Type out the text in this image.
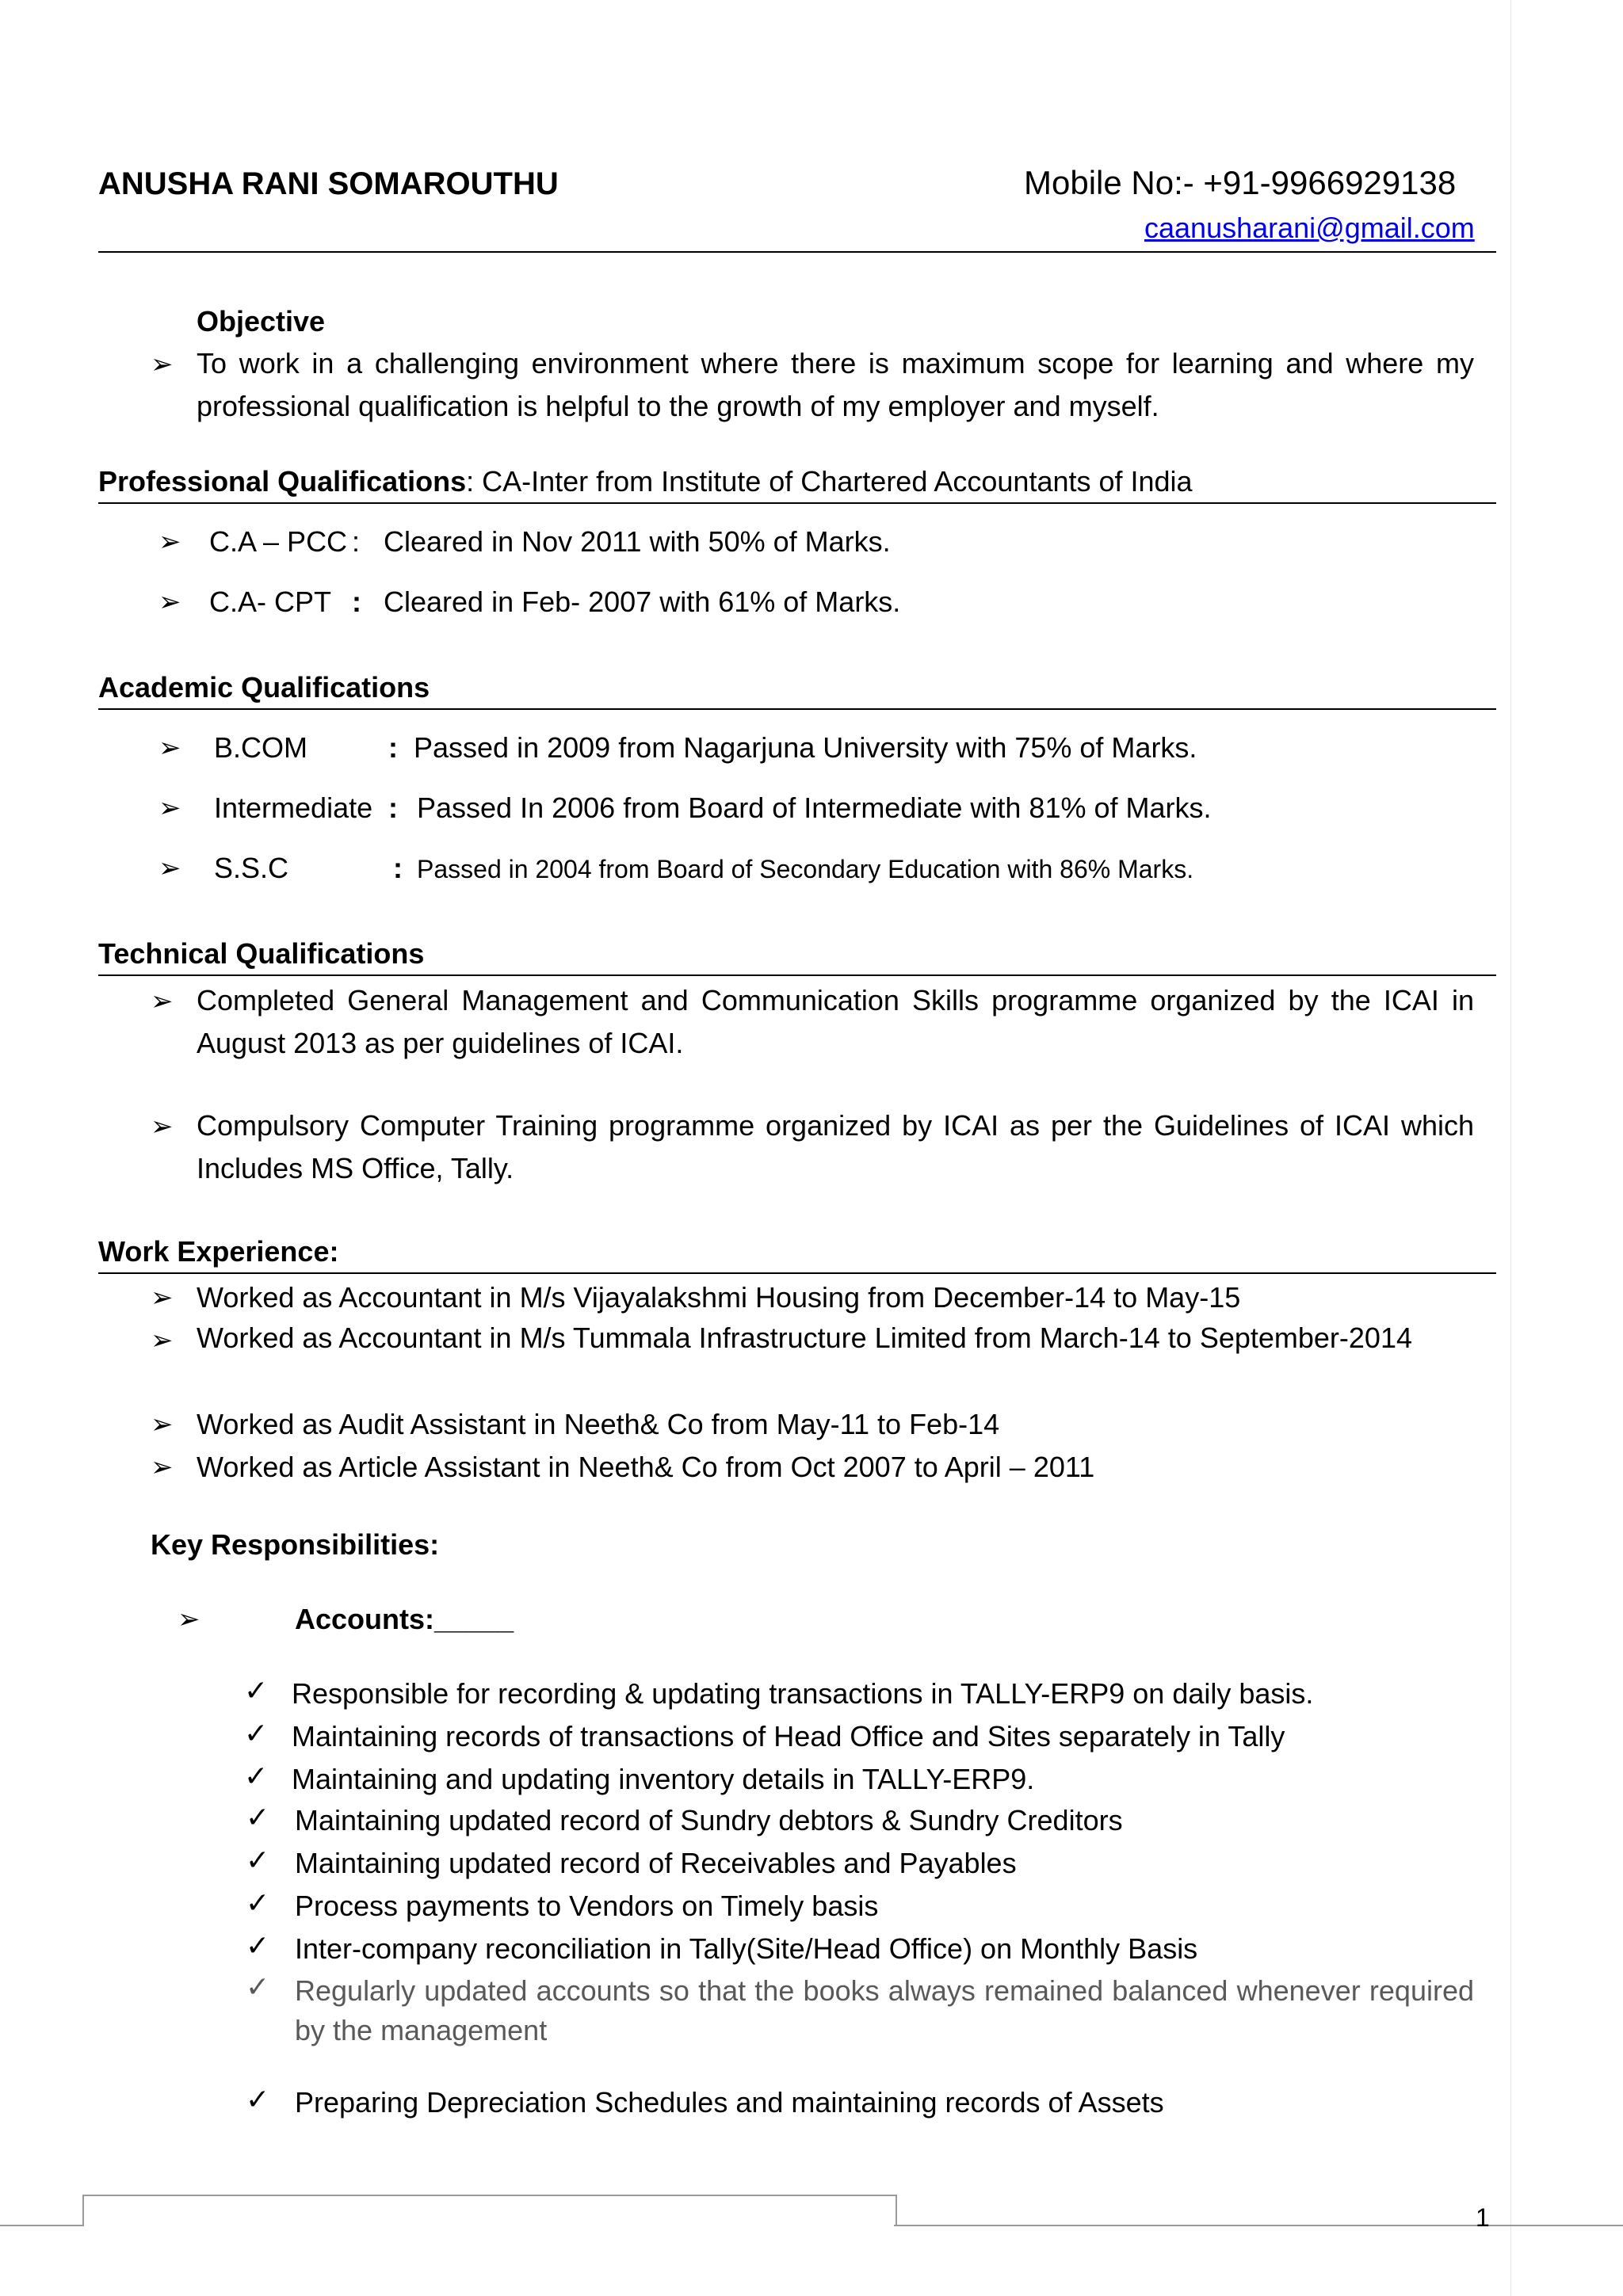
ANUSHA RANI SOMAROUTHU	Mobile No:- +91-9966929138
caanusharani@gmail.com
Objective
➢ To work in a challenging environment where there is maximum scope for learning and where my professional qualification is helpful to the growth of my employer and myself.
Professional Qualifications: CA-Inter from Institute of Chartered Accountants of India
➢ C.A – PCC : Cleared in Nov 2011 with 50% of Marks.
➢ C.A- CPT : Cleared in Feb- 2007 with 61% of Marks.
Academic Qualifications
➢ B.COM	: Passed in 2009 from Nagarjuna University with 75% of Marks.
➢ Intermediate : Passed In 2006 from Board of Intermediate with 81% of Marks.
➢ S.S.C	: Passed in 2004 from Board of Secondary Education with 86% Marks.
Technical Qualifications
➢ Completed General Management and Communication Skills programme organized by the ICAI in August 2013 as per guidelines of ICAI.
➢ Compulsory Computer Training programme organized by ICAI as per the Guidelines of ICAI which Includes MS Office, Tally.
Work Experience:
➢ Worked as Accountant in M/s Vijayalakshmi Housing from December-14 to May-15
➢ Worked as Accountant in M/s Tummala Infrastructure Limited from March-14 to September-2014
➢ Worked as Audit Assistant in Neeth& Co from May-11 to Feb-14
➢ Worked as Article Assistant in Neeth& Co from Oct 2007 to April – 2011
Key Responsibilities:
➢	Accounts:_____
✓ Responsible for recording & updating transactions in TALLY-ERP9 on daily basis.
✓ Maintaining records of transactions of Head Office and Sites separately in Tally
✓ Maintaining and updating inventory details in TALLY-ERP9.
✓ Maintaining updated record of Sundry debtors & Sundry Creditors
✓ Maintaining updated record of Receivables and Payables
✓ Process payments to Vendors on Timely basis
✓ Inter-company reconciliation in Tally(Site/Head Office) on Monthly Basis
✓ Regularly updated accounts so that the books always remained balanced whenever required by the management
✓ Preparing Depreciation Schedules and maintaining records of Assets
1
